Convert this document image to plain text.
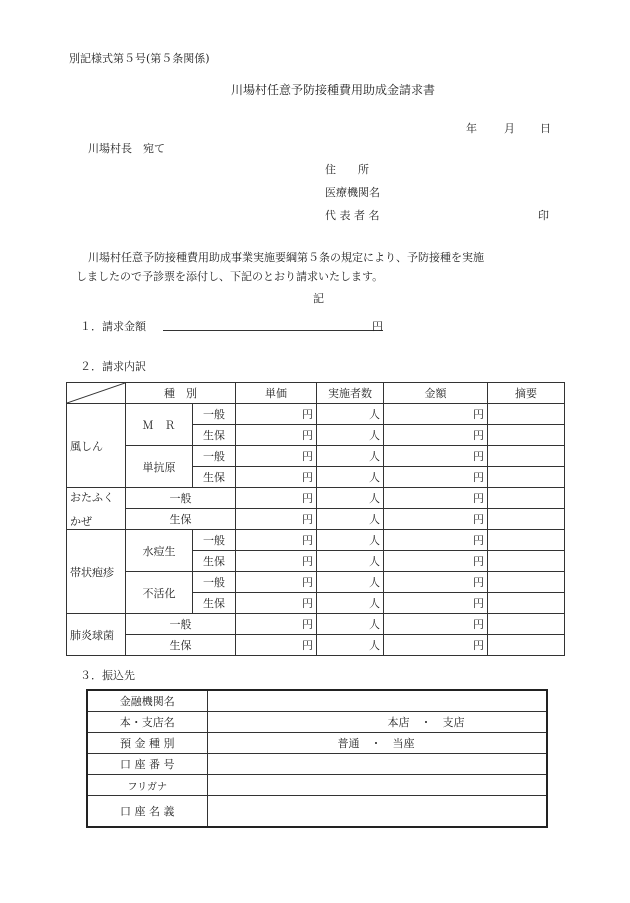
別記様式第５号(第５条関係)
川場村任意予防接種費用助成金請求書
年 月 日
川場村長　宛て
住　　所
医療機関名
代 表 者 名	印
川場村任意予防接種費用助成事業実施要綱第５条の規定により、予防接種を実施
しましたので予診票を添付し、下記のとおり請求いたします。
記
１．請求金額	円
２．請求内訳
	種　別		単価	実施者数	金額	摘要
風しん	Ｍ　Ｒ	一般	円	人	円	
		生保	円	人	円	
	単抗原	一般	円	人	円	
		生保	円	人	円	

おたふく
かぜ	一般		円	人	円	
	生保		円	人	円	
帯状疱疹	水痘生	一般	円	人	円	
		生保	円	人	円	
	不活化	一般	円	人	円	
		生保	円	人	円	
肺炎球菌	一般		円	人	円	
	生保		円	人	円	
３．振込先
金融機関名	
本・支店名	本店　・　支店
預 金 種 別	普通　・　当座
口 座 番 号	
フリガナ	
口 座 名 義	
